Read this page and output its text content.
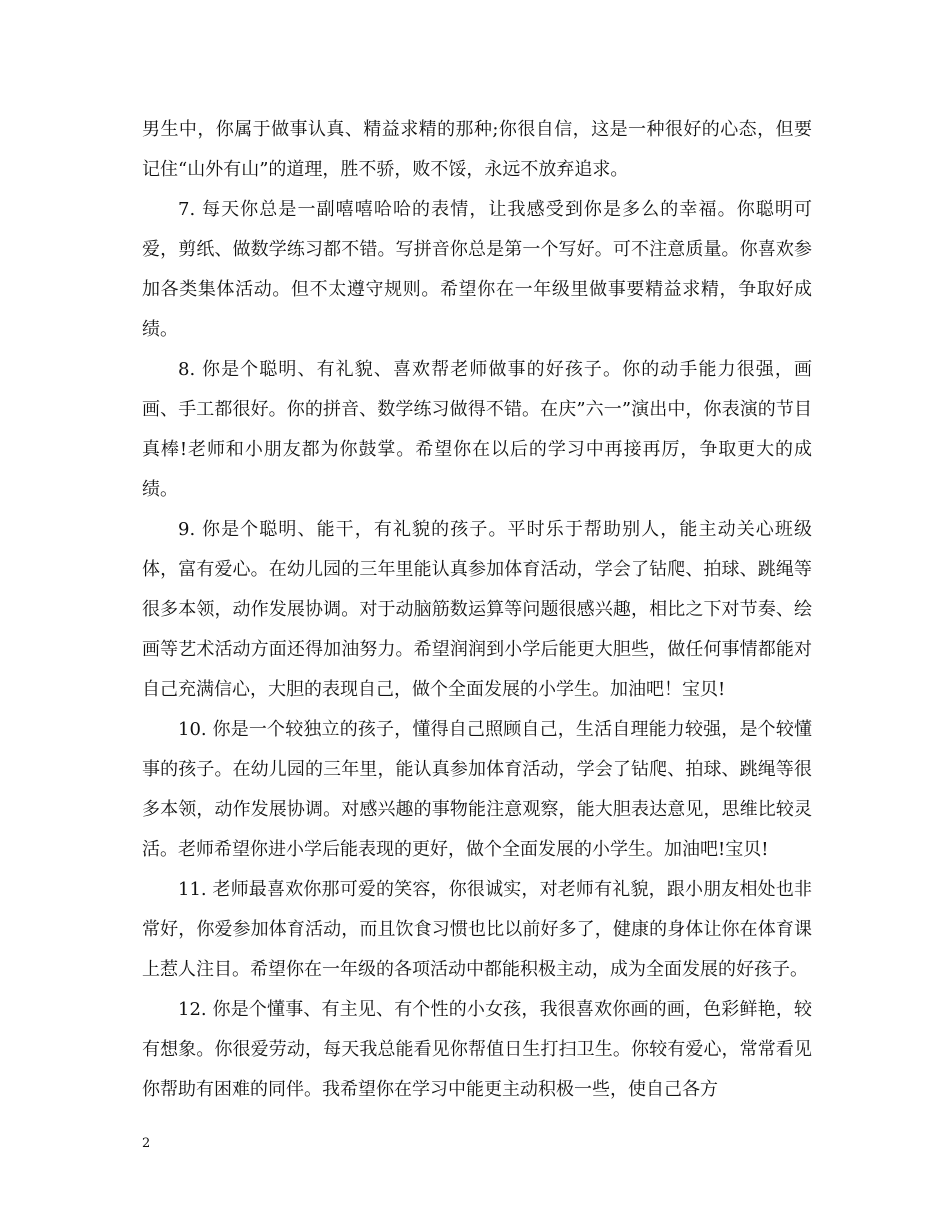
男生中，你属于做事认真、精益求精的那种;你很自信，这是一种很好的心态，但要记住“山外有山”的道理，胜不骄，败不馁，永远不放弃追求。

7. 每天你总是一副嘻嘻哈哈的表情，让我感受到你是多么的幸福。你聪明可爱，剪纸、做数学练习都不错。写拼音你总是第一个写好。可不注意质量。你喜欢参加各类集体活动。但不太遵守规则。希望你在一年级里做事要精益求精，争取好成绩。

8. 你是个聪明、有礼貌、喜欢帮老师做事的好孩子。你的动手能力很强，画画、手工都很好。你的拼音、数学练习做得不错。在庆”六一”演出中，你表演的节目真棒!老师和小朋友都为你鼓掌。希望你在以后的学习中再接再厉，争取更大的成绩。

9. 你是个聪明、能干，有礼貌的孩子。平时乐于帮助别人，能主动关心班级体，富有爱心。在幼儿园的三年里能认真参加体育活动，学会了钻爬、拍球、跳绳等很多本领，动作发展协调。对于动脑筋数运算等问题很感兴趣，相比之下对节奏、绘画等艺术活动方面还得加油努力。希望润润到小学后能更大胆些，做任何事情都能对自己充满信心，大胆的表现自己，做个全面发展的小学生。加油吧！宝贝!

10. 你是一个较独立的孩子，懂得自己照顾自己，生活自理能力较强，是个较懂事的孩子。在幼儿园的三年里，能认真参加体育活动，学会了钻爬、拍球、跳绳等很多本领，动作发展协调。对感兴趣的事物能注意观察，能大胆表达意见，思维比较灵活。老师希望你进小学后能表现的更好，做个全面发展的小学生。加油吧!宝贝!

11. 老师最喜欢你那可爱的笑容，你很诚实，对老师有礼貌，跟小朋友相处也非常好，你爱参加体育活动，而且饮食习惯也比以前好多了，健康的身体让你在体育课上惹人注目。希望你在一年级的各项活动中都能积极主动，成为全面发展的好孩子。

12. 你是个懂事、有主见、有个性的小女孩，我很喜欢你画的画，色彩鲜艳，较有想象。你很爱劳动，每天我总能看见你帮值日生打扫卫生。你较有爱心，常常看见你帮助有困难的同伴。我希望你在学习中能更主动积极一些，使自己各方

2
